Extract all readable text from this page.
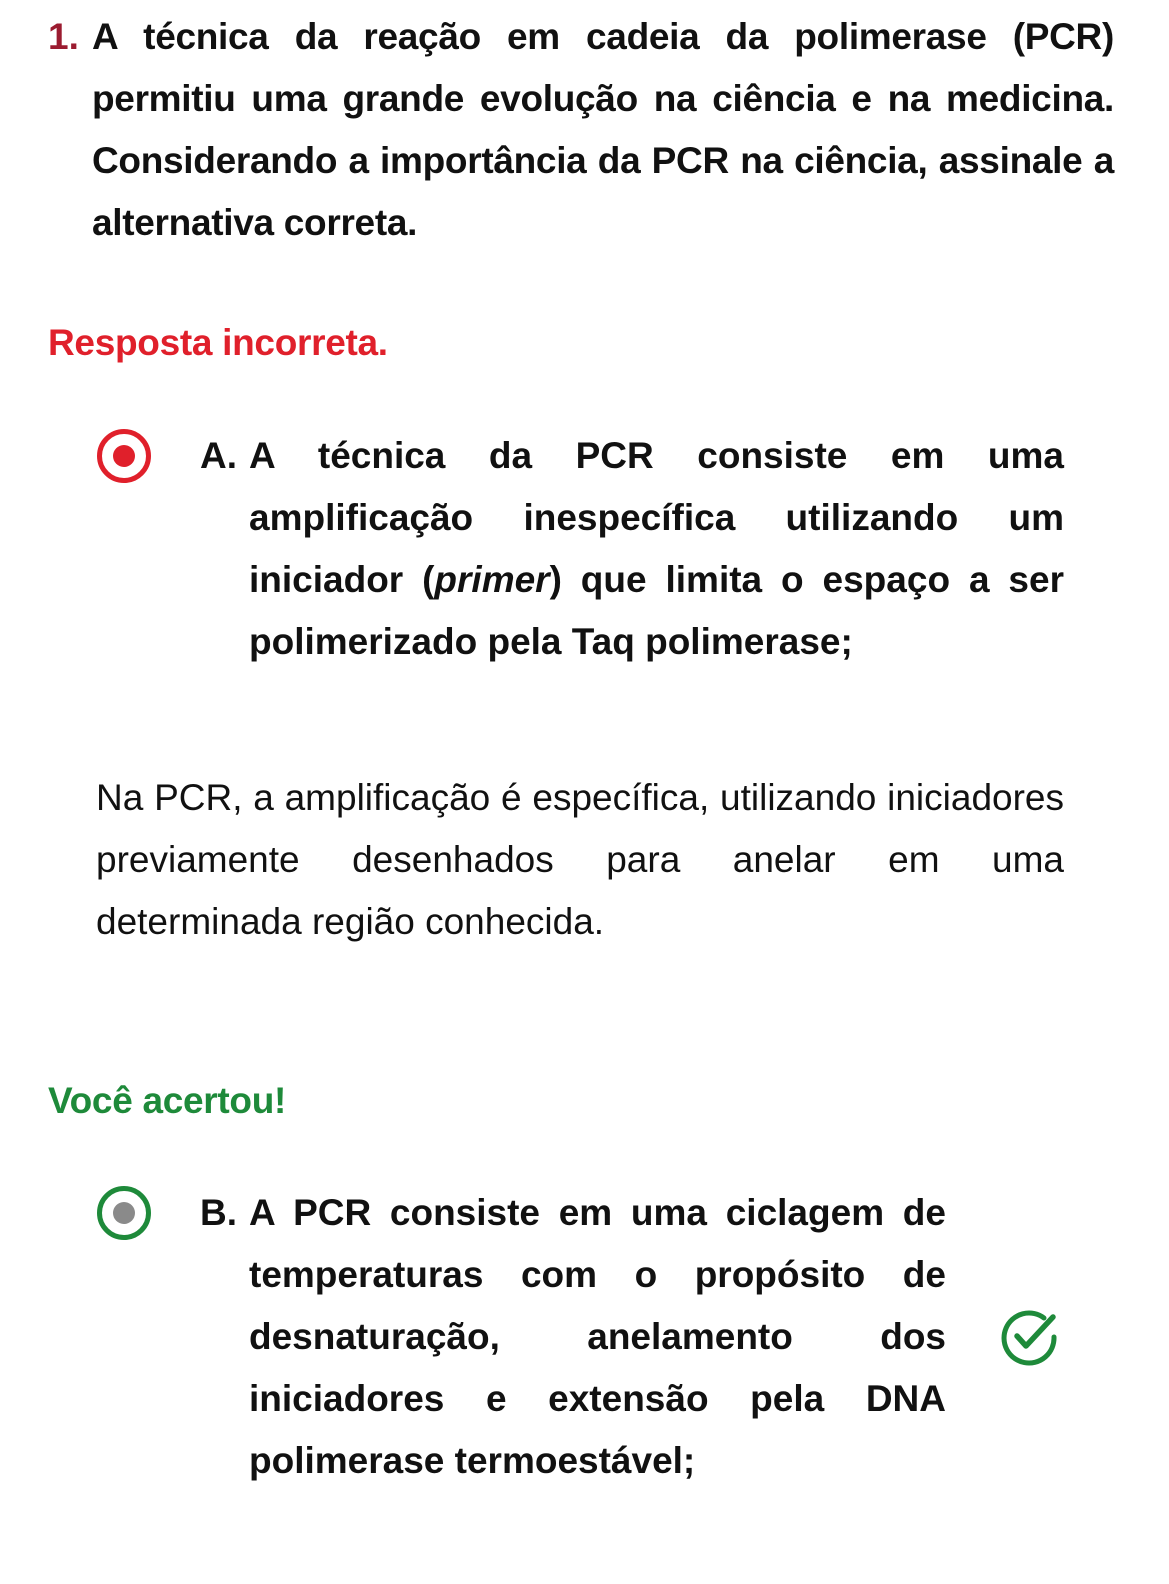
1. A técnica da reação em cadeia da polimerase (PCR) permitiu uma grande evolução na ciência e na medicina. Considerando a importância da PCR na ciência, assinale a alternativa correta.
Resposta incorreta.
A. A técnica da PCR consiste em uma amplificação inespecífica utilizando um iniciador (primer) que limita o espaço a ser polimerizado pela Taq polimerase;
Na PCR, a amplificação é específica, utilizando iniciadores previamente desenhados para anelar em uma determinada região conhecida.
Você acertou!
B. A PCR consiste em uma ciclagem de temperaturas com o propósito de desnaturação, anelamento dos iniciadores e extensão pela DNA polimerase termoestável;
